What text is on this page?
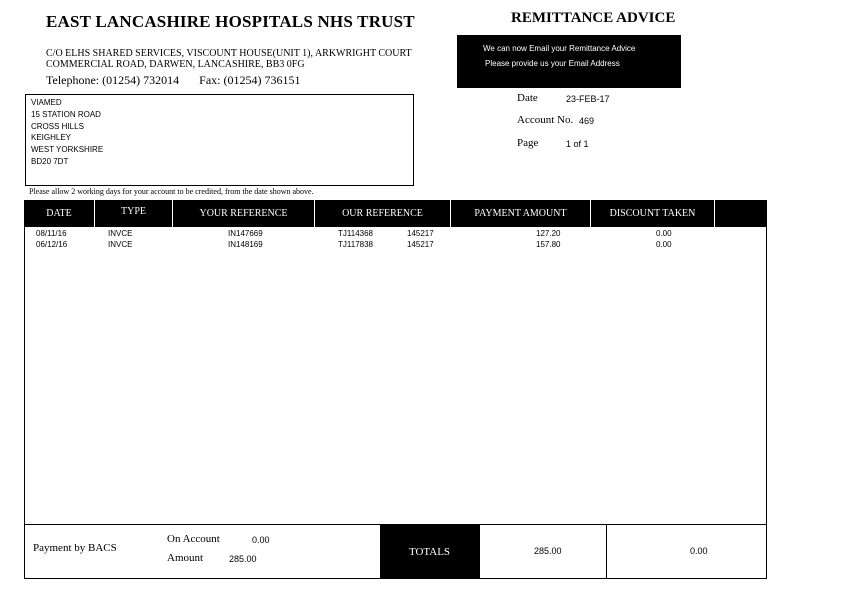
EAST LANCASHIRE HOSPITALS NHS TRUST	REMITTANCE ADVICE
C/O ELHS SHARED SERVICES, VISCOUNT HOUSE(UNIT 1), ARKWRIGHT COURT
COMMERCIAL ROAD, DARWEN, LANCASHIRE, BB3 0FG
Telephone: (01254) 732014 Fax: (01254) 736151
We can now Email your Remittance Advice
Please provide us your Email Address
VIAMED
15 STATION ROAD
CROSS HILLS
KEIGHLEY
WEST YORKSHIRE
BD20 7DT
Date	23-FEB-17
Account No. 469
Page	1 of 1
Please allow 2 working days for your account to be credited, from the date shown above.
08/11/16	INVCE	IN147669	TJ114368	145217	127.20	0.00
06/12/16	INVCE	IN148169	TJ117838	145217	157.80	0.00
DATE	TYPE	YOUR REFERENCE	OUR REFERENCE	PAYMENT AMOUNT	DISCOUNT TAKEN
Payment by BACS
On Account	0.00
Amount	285.00
TOTALS	285.00	0.00
